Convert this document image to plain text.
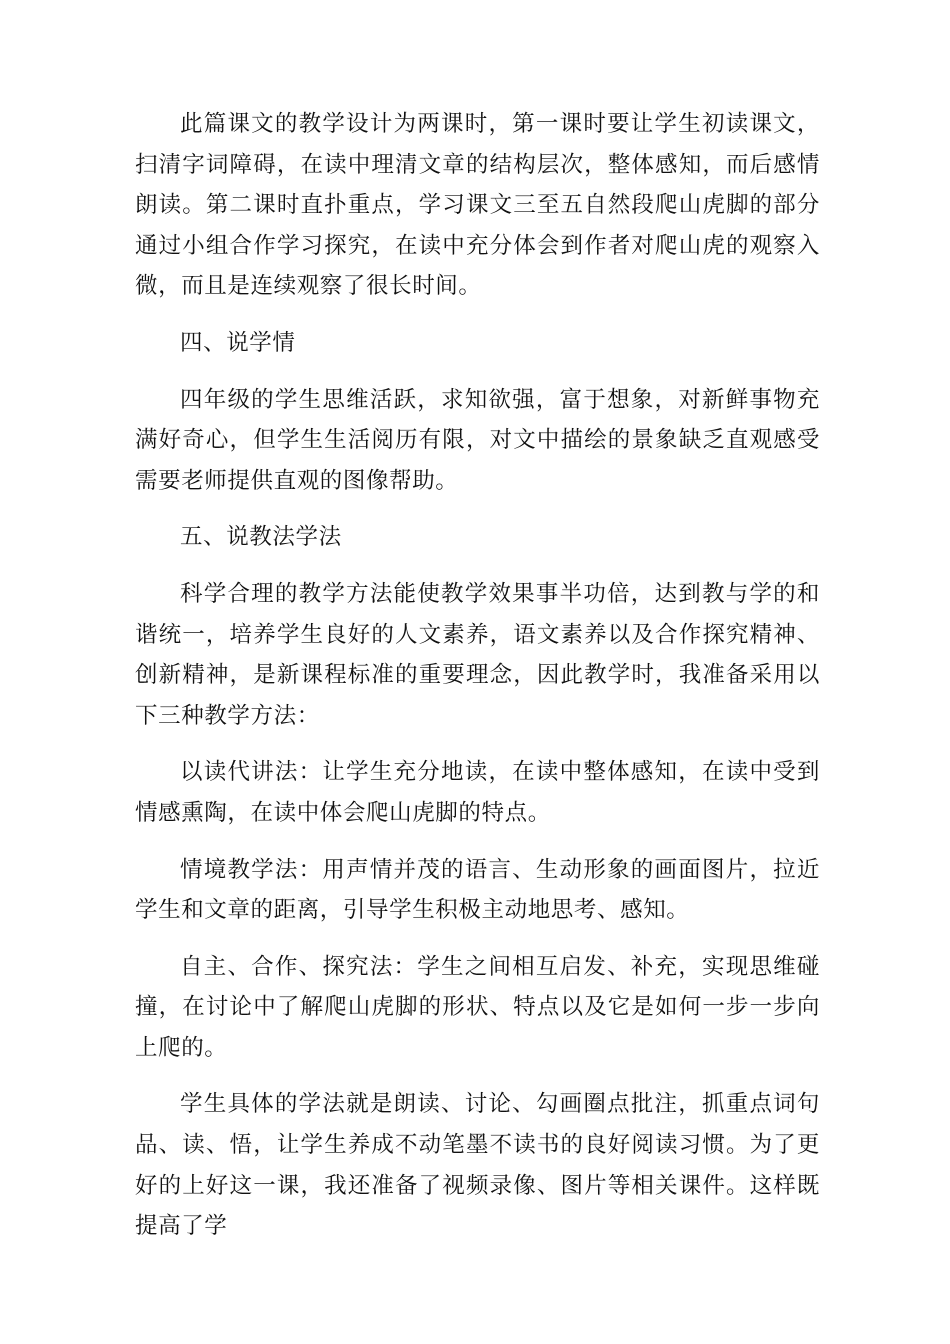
此篇课文的教学设计为两课时，第一课时要让学生初读课文，扫清字词障碍，在读中理清文章的结构层次，整体感知，而后感情朗读。第二课时直扑重点，学习课文三至五自然段爬山虎脚的部分通过小组合作学习探究，在读中充分体会到作者对爬山虎的观察入微，而且是连续观察了很长时间。

四、说学情

四年级的学生思维活跃，求知欲强，富于想象，对新鲜事物充满好奇心，但学生生活阅历有限，对文中描绘的景象缺乏直观感受需要老师提供直观的图像帮助。

五、说教法学法

科学合理的教学方法能使教学效果事半功倍，达到教与学的和谐统一，培养学生良好的人文素养，语文素养以及合作探究精神、创新精神，是新课程标准的重要理念，因此教学时，我准备采用以下三种教学方法：

以读代讲法：让学生充分地读，在读中整体感知，在读中受到情感熏陶，在读中体会爬山虎脚的特点。

情境教学法：用声情并茂的语言、生动形象的画面图片，拉近学生和文章的距离，引导学生积极主动地思考、感知。

自主、合作、探究法：学生之间相互启发、补充，实现思维碰撞，在讨论中了解爬山虎脚的形状、特点以及它是如何一步一步向上爬的。

学生具体的学法就是朗读、讨论、勾画圈点批注，抓重点词句品、读、悟，让学生养成不动笔墨不读书的良好阅读习惯。为了更好的上好这一课，我还准备了视频录像、图片等相关课件。这样既提高了学
